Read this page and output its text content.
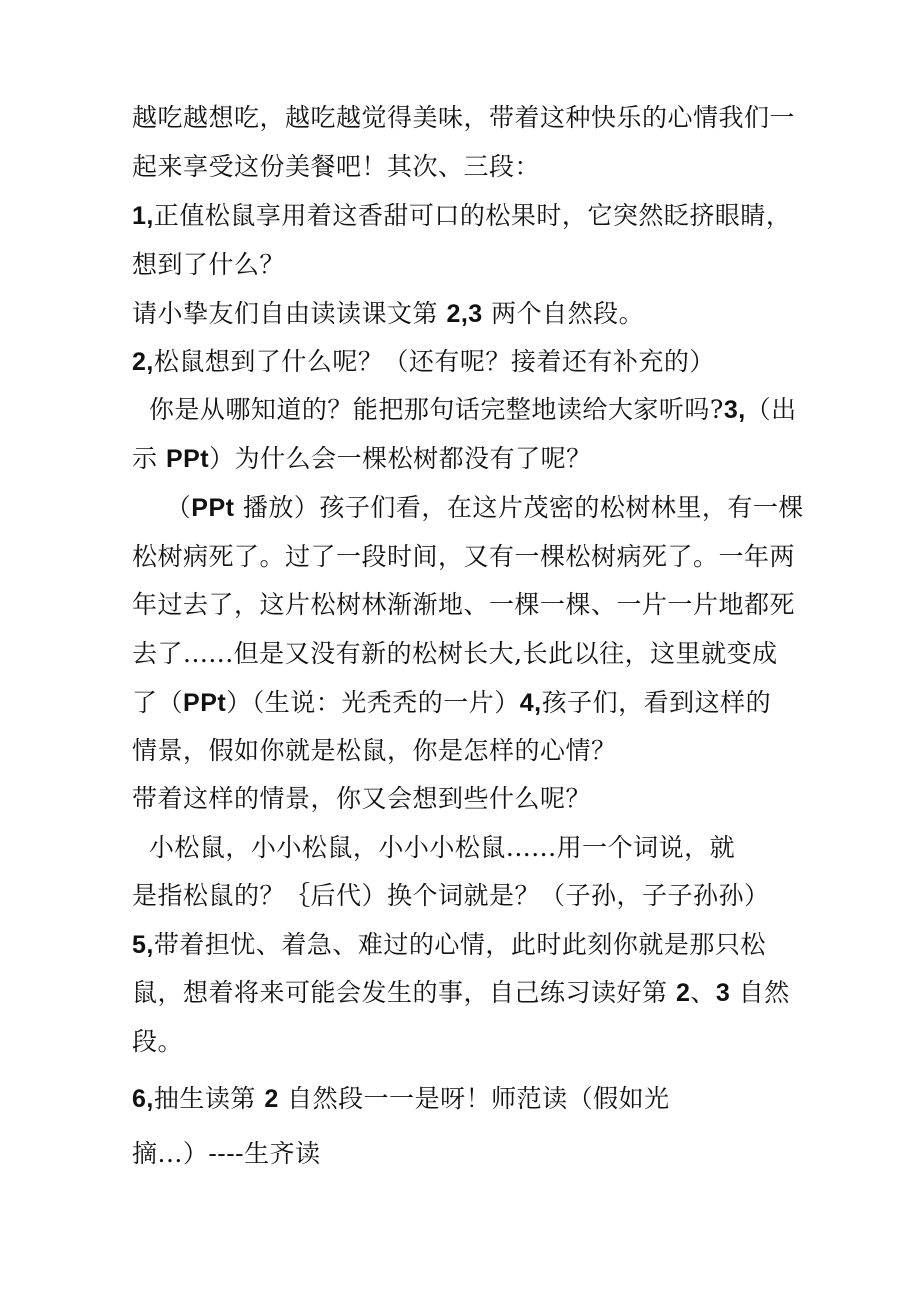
越吃越想吃，越吃越觉得美味，带着这种快乐的心情我们一
起来享受这份美餐吧！其次、三段：
1,正值松鼠享用着这香甜可口的松果时，它突然眨挤眼睛，
想到了什么？
请小挚友们自由读读课文第 2,3 两个自然段。
2,松鼠想到了什么呢？（还有呢？接着还有补充的）
你是从哪知道的？能把那句话完整地读给大家听吗?3,（出
示 PPt）为什么会一棵松树都没有了呢？
（PPt 播放）孩子们看，在这片茂密的松树林里，有一棵
松树病死了。过了一段时间，又有一棵松树病死了。一年两
年过去了，这片松树林渐渐地、一棵一棵、一片一片地都死
去了......但是又没有新的松树长大,长此以往，这里就变成
了（PPt）（生说：光秃秃的一片）4,孩子们，看到这样的
情景，假如你就是松鼠，你是怎样的心情？
带着这样的情景，你又会想到些什么呢？
小松鼠，小小松鼠，小小小松鼠......用一个词说，就
是指松鼠的？｛后代）换个词就是？（子孙，子子孙孙）
5,带着担忧、着急、难过的心情，此时此刻你就是那只松
鼠，想着将来可能会发生的事，自己练习读好第 2、3 自然
段。
6,抽生读第 2 自然段一一是呀！师范读（假如光
摘...）----生齐读
